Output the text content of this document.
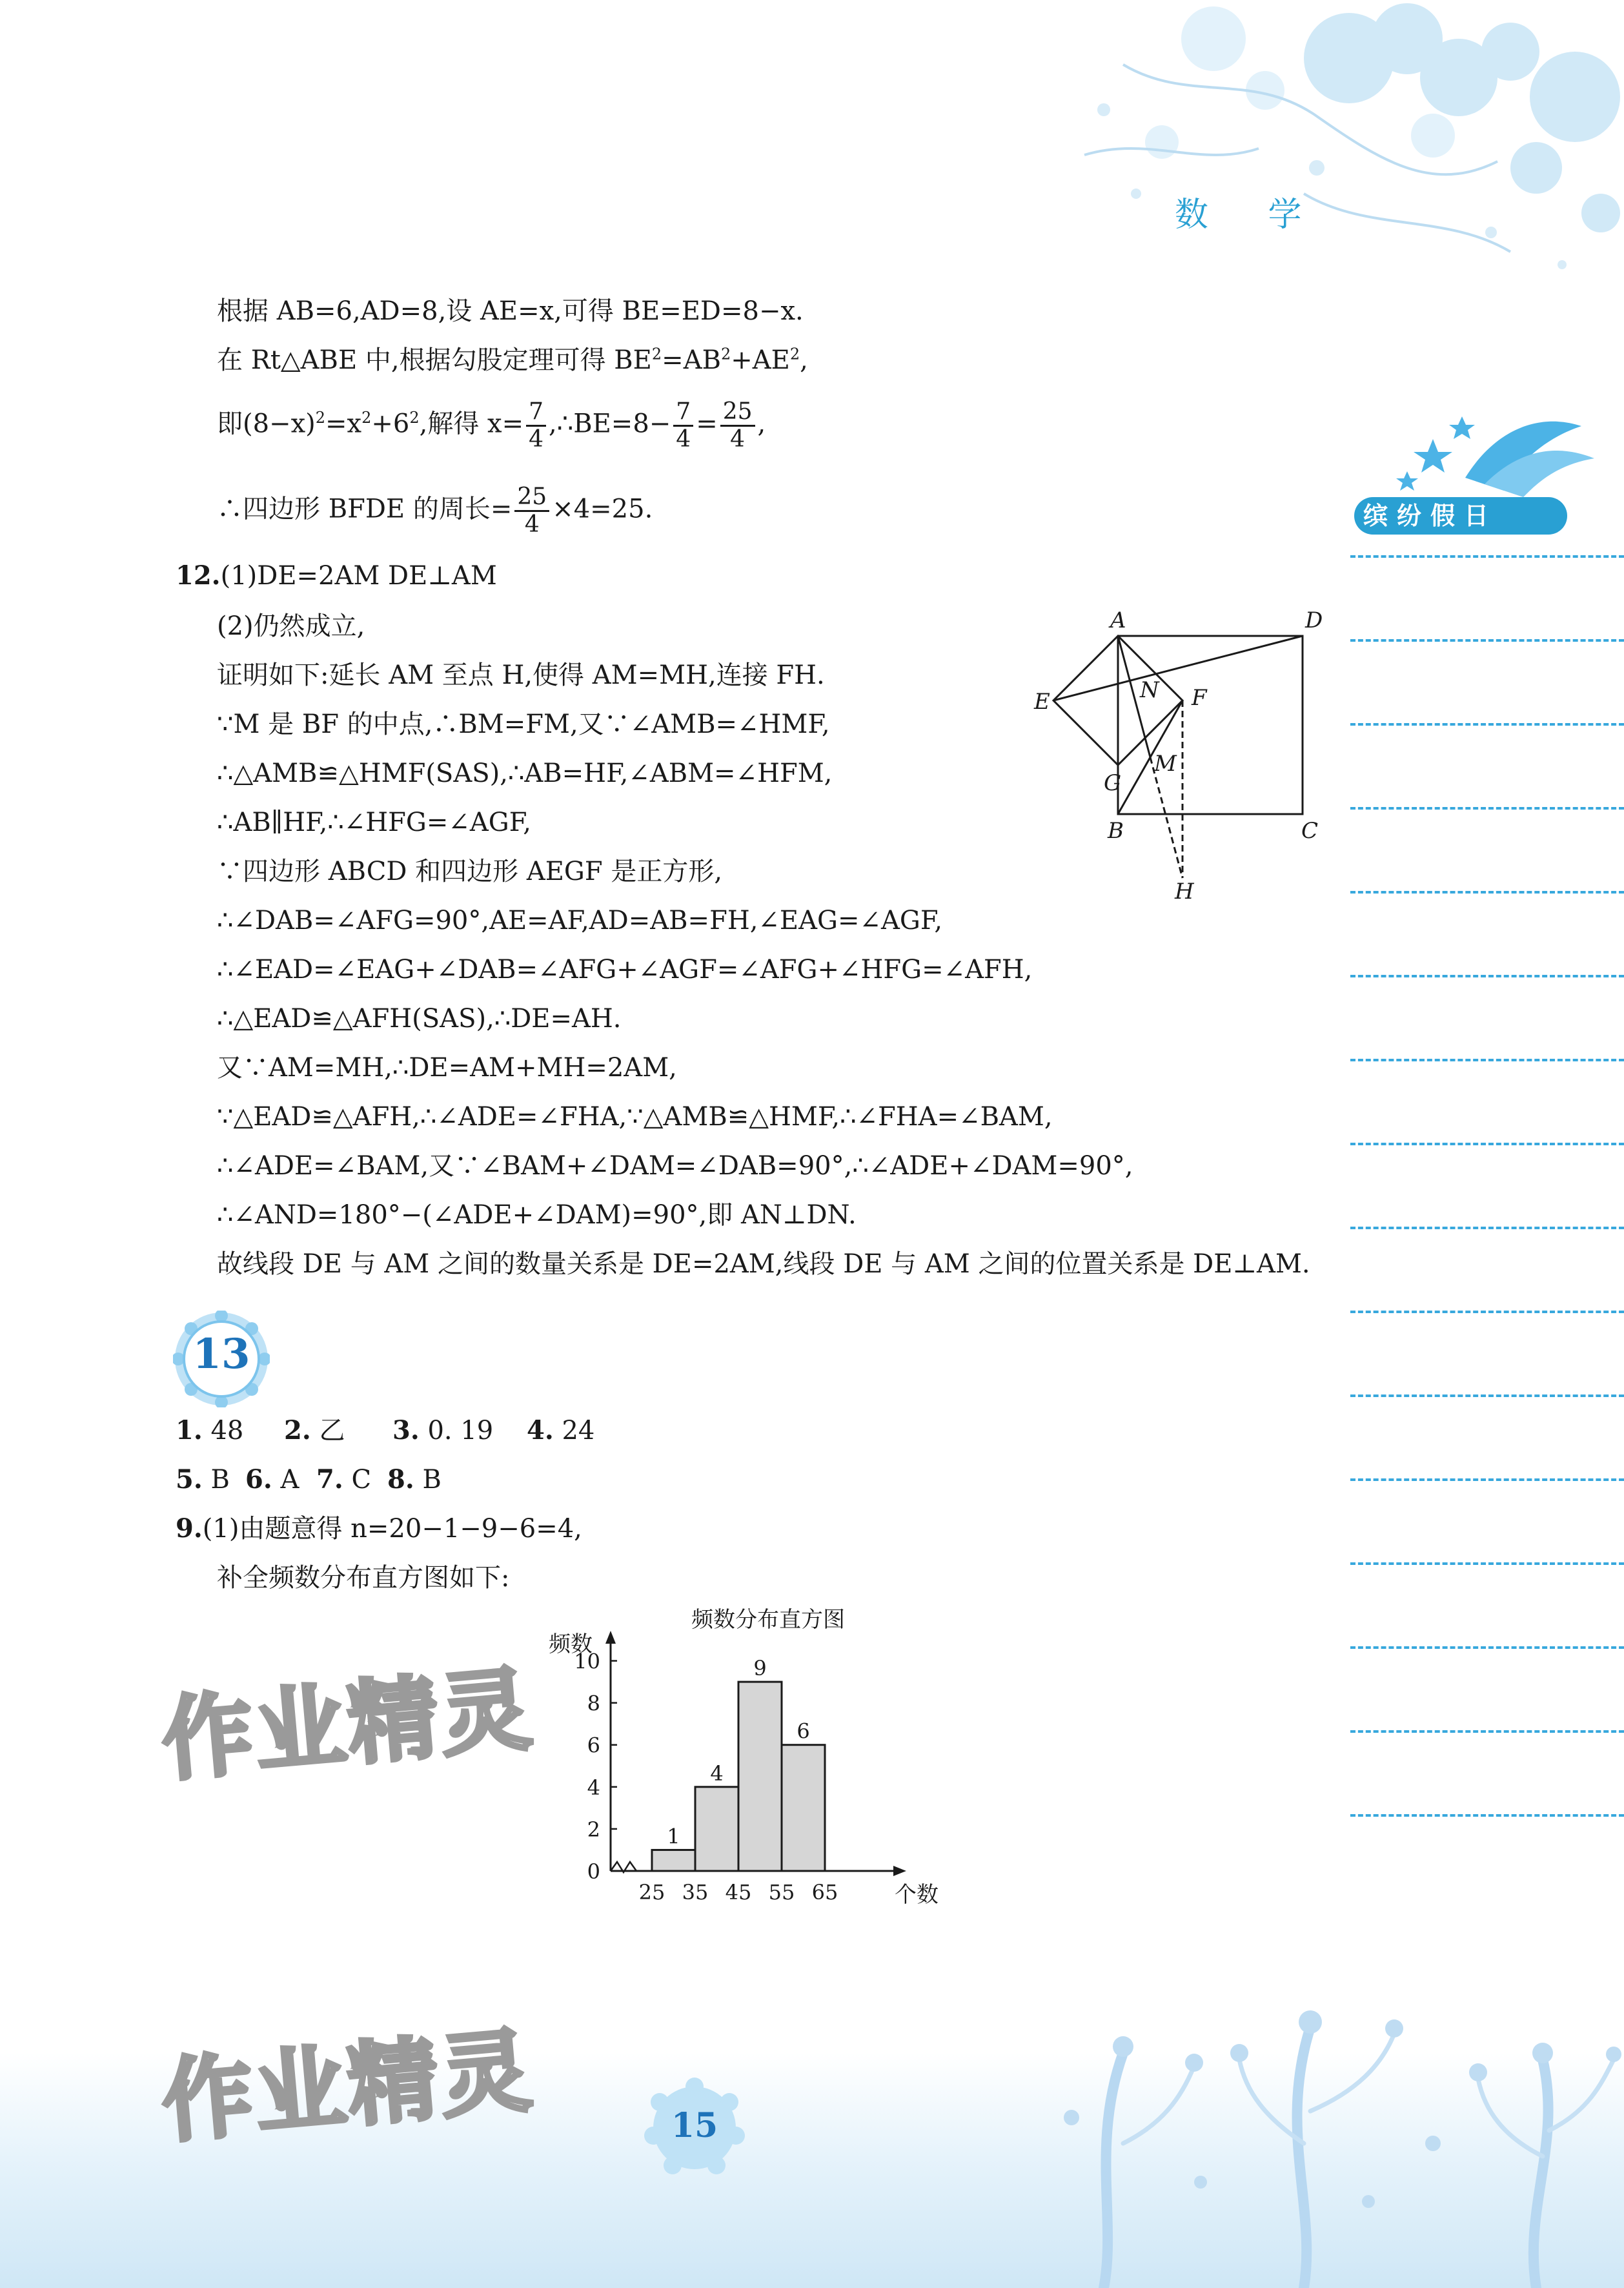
数 学
缤纷假日
根据 AB=6,AD=8,设 AE=x,可得 BE=ED=8−x.
在 Rt△ABE 中,根据勾股定理可得 $BE^2=AB^2+AE^2$,
即$(8-x)^2=x^2+6^2$,解得 $x= \frac{7}{4}$ ,∴BE=8− $\frac{7}{4} = \frac{25}{4}$ ,
∴四边形 BFDE 的周长= $\frac{25}{4} \times 4=25$.
12.(1)DE=2AM DE⊥AM
(2)仍然成立,
证明如下:延长 AM 至点 H,使得 AM=MH,连接 FH.
∵M 是 BF 的中点,∴BM=FM,又∵∠AMB=∠HMF,
∴△AMB≌△HMF(SAS),∴AB=HF,∠ABM=∠HFM,
∴AB∥HF,∴∠HFG=∠AGF,
∵四边形 ABCD 和四边形 AEGF 是正方形,
∴∠DAB=∠AFG=90°,AE=AF,AD=AB=FH,∠EAG=∠AGF,
∴∠EAD=∠EAG+∠DAB=∠AFG+∠AGF=∠AFG+∠HFG=∠AFH,
∴△EAD≌△AFH(SAS),∴DE=AH.
又∵AM=MH,∴DE=AM+MH=2AM,
∵△EAD≌△AFH,∴∠ADE=∠FHA,∵△AMB≌△HMF,∴∠FHA=∠BAM,
∴∠ADE=∠BAM,又∵∠BAM+∠DAM=∠DAB=90°,∴∠ADE+∠DAM=90°,
∴∠AND=180°−(∠ADE+∠DAM)=90°,即 AN⊥DN.
故线段 DE 与 AM 之间的数量关系是 DE=2AM,线段 DE 与 AM 之间的位置关系是 DE⊥AM.
A	D
E	N F
M
G
B	C
H
13
1. 48 2. 乙 3. 0. 19 4. 24
5. B 6. A 7. C 8. B
9.(1)由题意得 n=20−1−9−6=4,
补全频数分布直方图如下:
频数分布直方图
频数
个数
0
2
4
6
8
10
25 35 45 55 65
1
4
9
6
作业精灵
作业精灵	15
